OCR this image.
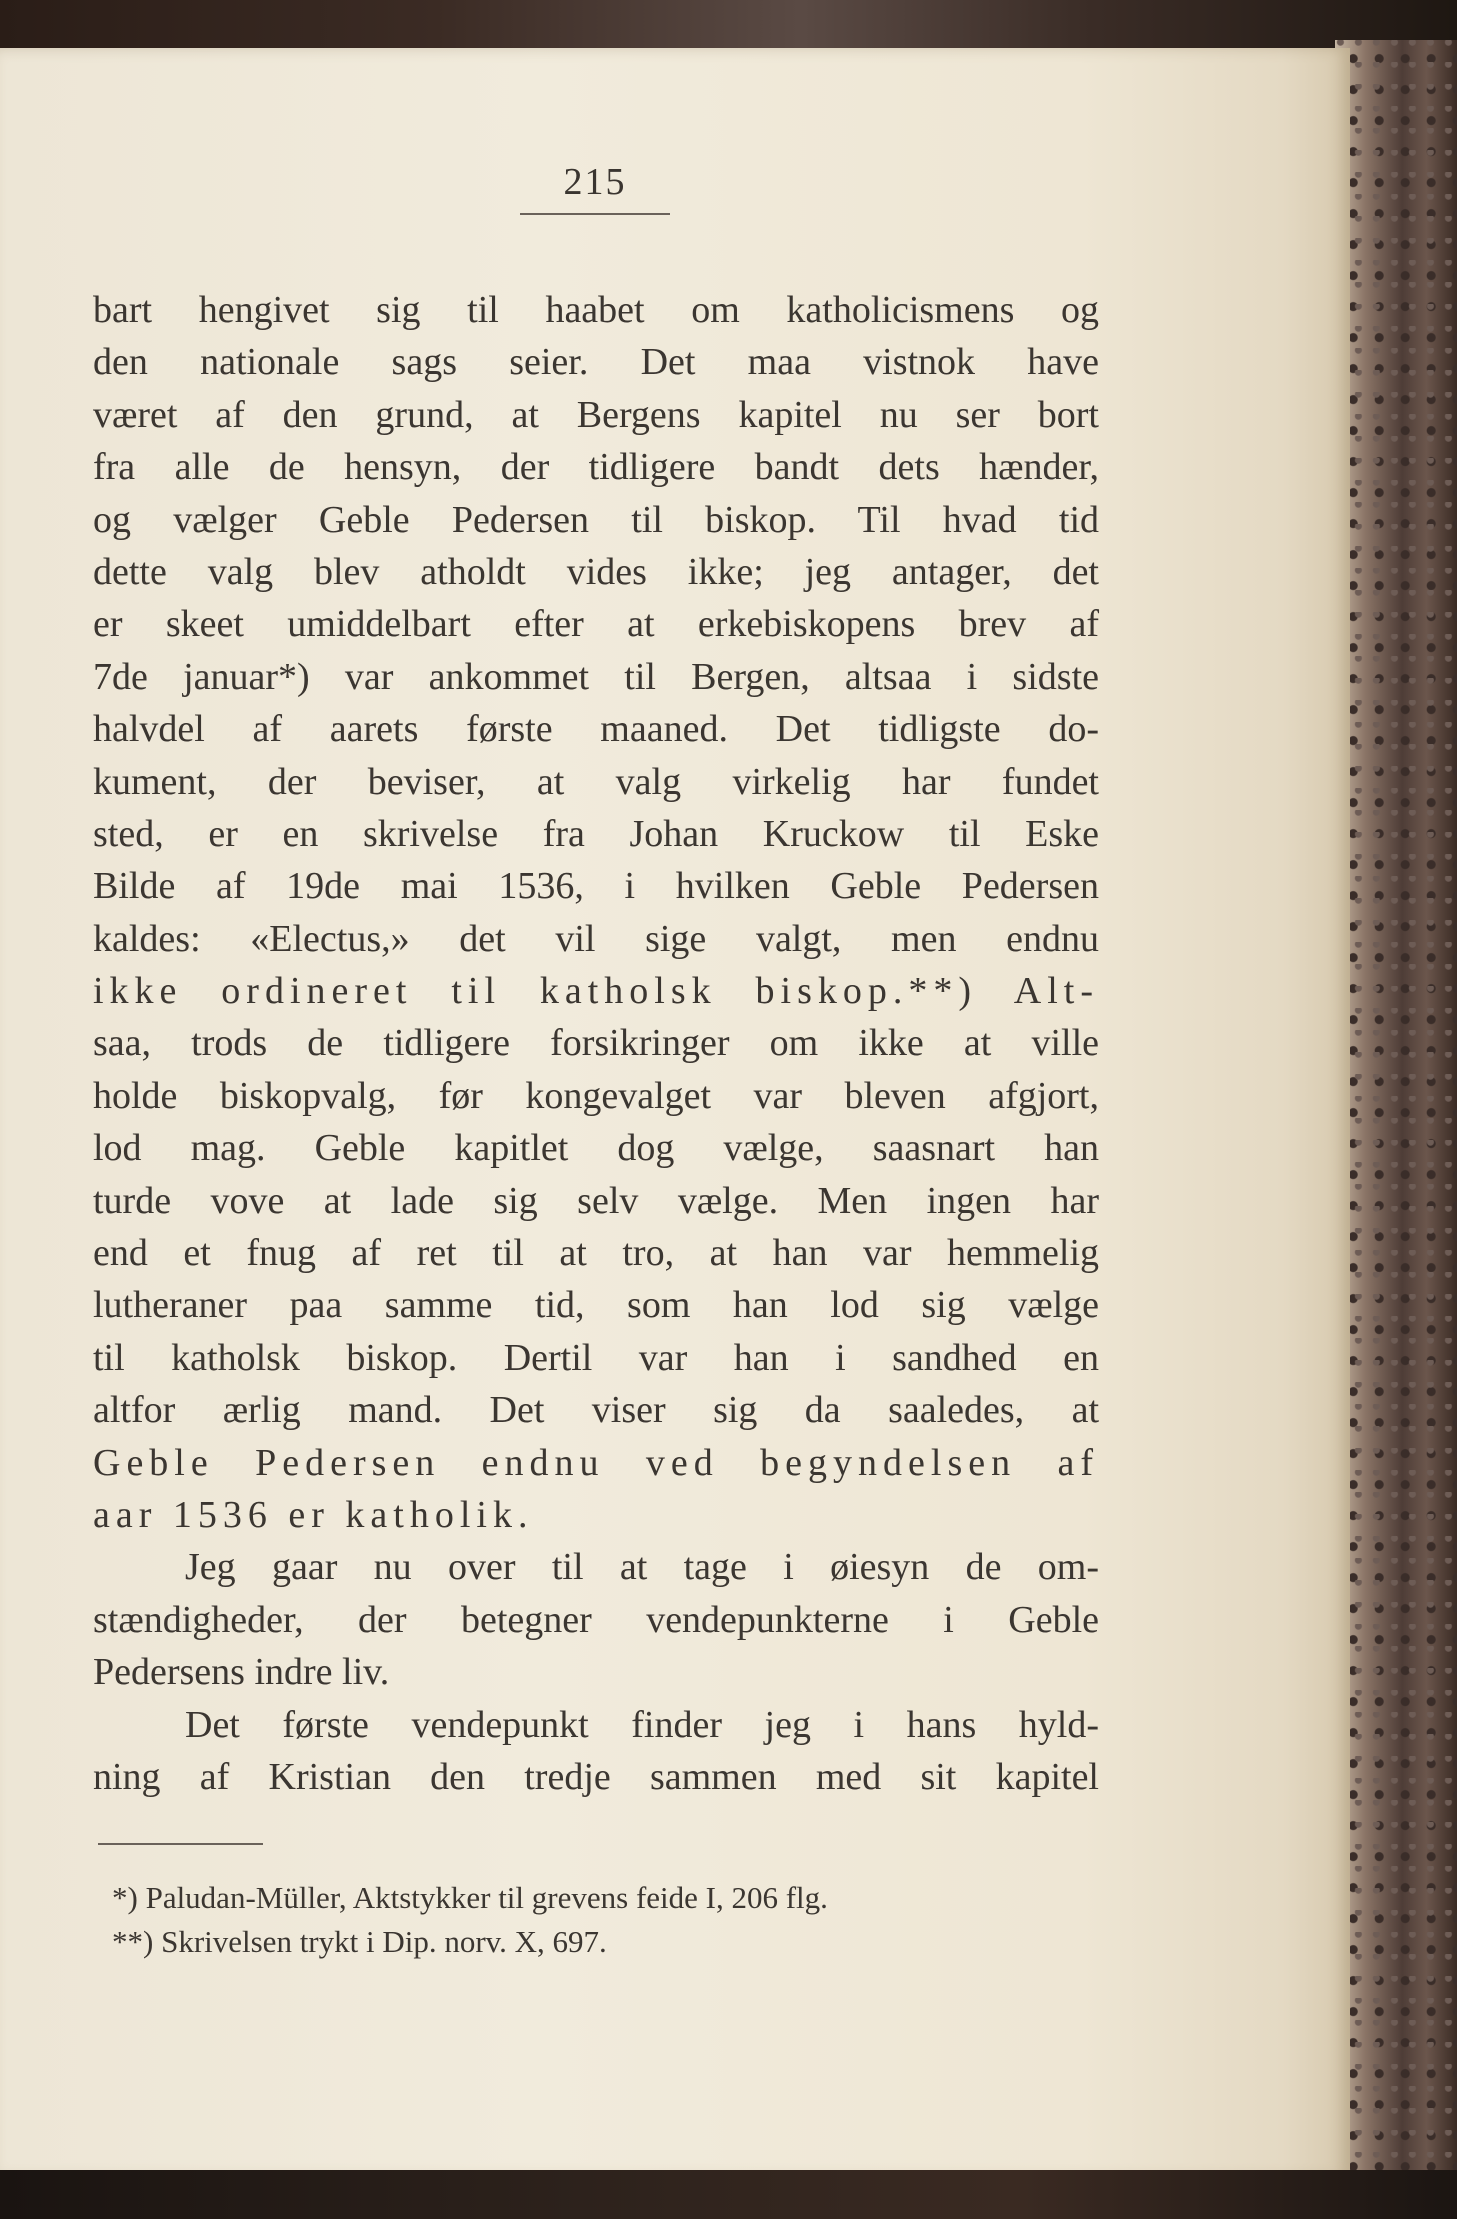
215
bart hengivet sig til haabet om katholicismens og
den nationale sags seier. Det maa vistnok have
været af den grund, at Bergens kapitel nu ser bort
fra alle de hensyn, der tidligere bandt dets hænder,
og vælger Geble Pedersen til biskop. Til hvad tid
dette valg blev atholdt vides ikke; jeg antager, det
er skeet umiddelbart efter at erkebiskopens brev af
7de januar*) var ankommet til Bergen, altsaa i sidste
halvdel af aarets første maaned. Det tidligste do-
kument, der beviser, at valg virkelig har fundet
sted, er en skrivelse fra Johan Kruckow til Eske
Bilde af 19de mai 1536, i hvilken Geble Pedersen
kaldes: «Electus,» det vil sige valgt, men endnu
ikke ordineret til katholsk biskop.**) Alt-
saa, trods de tidligere forsikringer om ikke at ville
holde biskopvalg, før kongevalget var bleven afgjort,
lod mag. Geble kapitlet dog vælge, saasnart han
turde vove at lade sig selv vælge. Men ingen har
end et fnug af ret til at tro, at han var hemmelig
lutheraner paa samme tid, som han lod sig vælge
til katholsk biskop. Dertil var han i sandhed en
altfor ærlig mand. Det viser sig da saaledes, at
Geble Pedersen endnu ved begyndelsen af
aar 1536 er katholik.
Jeg gaar nu over til at tage i øiesyn de om-
stændigheder, der betegner vendepunkterne i Geble
Pedersens indre liv.
Det første vendepunkt finder jeg i hans hyld-
ning af Kristian den tredje sammen med sit kapitel
*) Paludan-Müller, Aktstykker til grevens feide I, 206 flg.
**) Skrivelsen trykt i Dip. norv. X, 697.
